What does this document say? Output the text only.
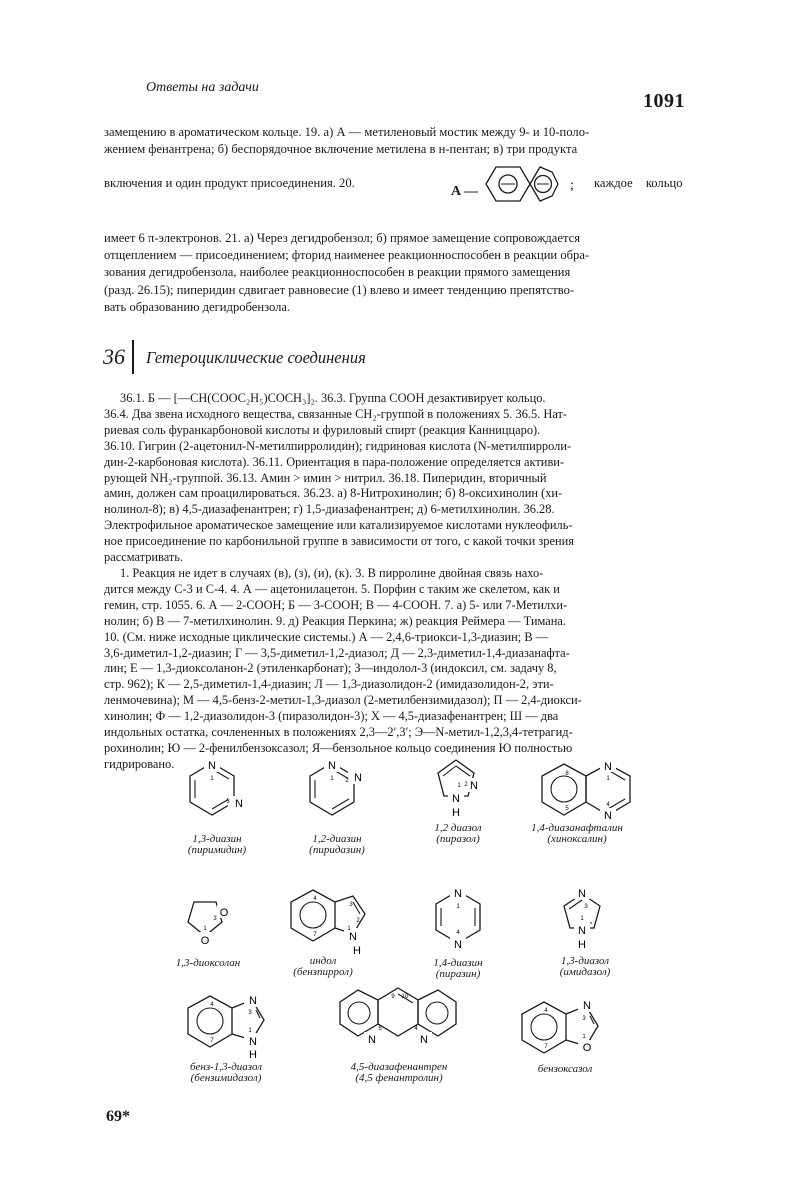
Ответы на задачи
1091
замещению в ароматическом кольце. 19. а) А — метиленовый мостик между 9- и 10-поло-
жением фенантрена; б) беспорядочное включение метилена в н-пентан; в) три продукта
включения и один продукт присоединения. 20.
A —	; каждое кольцо
имеет 6 π-электронов. 21. а) Через дегидробензол; б) прямое замещение сопровождается
отщеплением — присоединением; фторид наименее реакционноспособен в реакции обра-
зования дегидробензола, наиболее реакционноспособен в реакции прямого замещения
(разд. 26.15); пиперидин сдвигает равновесие (1) влево и имеет тенденцию препятство-
вать образованию дегидробензола.
36 Гетероциклические соединения
36.1. Б — [—CH(COOC₂H₅)COCH₃]₂. 36.3. Группа COOH дезактивирует кольцо.
36.4. Два звена исходного вещества, связанные CH₂-группой в положениях 5. 36.5. Нат-
риевая соль фуранкарбоновой кислоты и фуриловый спирт (реакция Канниццаро).
36.10. Гигрин (2-ацетонил-N-метилпирролидин); гидриновая кислота (N-метилпирроли-
дин-2-карбоновая кислота). 36.11. Ориентация в пара-положение определяется активи-
рующей NH₂-группой. 36.13. Амин > имин > нитрил. 36.18. Пиперидин, вторичный
амин, должен сам проацилироваться. 36.23. а) 8-Нитрохинолин; б) 8-оксихинолин (хи-
нолинол-8); в) 4,5-диазафенантрен; г) 1,5-диазафенантрен; д) 6-метилхинолин. 36.28.
Электрофильное ароматическое замещение или катализируемое кислотами нуклеофиль-
ное присоединение по карбонильной группе в зависимости от того, с какой точки зрения
рассматривать.
1. Реакция не идет в случаях (в), (з), (и), (к). 3. В пирролине двойная связь нахо-
дится между C-3 и C-4. 4. А — ацетонилацетон. 5. Порфин с таким же скелетом, как и
гемин, стр. 1055. 6. А — 2-COOH; Б — 3-COOH; В — 4-COOH. 7. а) 5- или 7-Метилхи-
нолин; б) В — 7-метилхинолин. 9. д) Реакция Перкина; ж) реакция Реймера — Тимана.
10. (См. ниже исходные циклические системы.) А — 2,4,6-триокси-1,3-диазин; В —
3,6-диметил-1,2-диазин; Г — 3,5-диметил-1,2-диазол; Д — 2,3-диметил-1,4-диазанафта-
лин; Е — 1,3-диоксоланон-2 (этиленкарбонат); З—индолол-3 (индоксил, см. задачу 8,
стр. 962); К — 2,5-диметил-1,4-диазин; Л — 1,3-диазолидон-2 (имидазолидон-2, эти-
ленмочевина); М — 4,5-бенз-2-метил-1,3-диазол (2-метилбензимидазол); П — 2,4-диокси-
хинолин; Ф — 1,2-диазолидон-3 (пиразолидон-3); Х — 4,5-диазафенантрен; Ш — два
индольных остатка, сочлененных в положениях 2,3—2′,3′; Э—N-метил-1,2,3,4-тетрагид-
рохинолин; Ю — 2-фенилбензоксазол; Я—бензольное кольцо соединения Ю полностью
гидрировано.	N
N
1
3
1,3-диазин
(пиримидин)
N
N
1 2
1,2-диазин
(пиридазин)
N
N
H
1 2
1,2 диазол
(пиразол)
N
N
8
5
1
4
1,4-диазанафталин
(хиноксалин)
O
O
1
3
1,3-диоксолан
N
H
4
7
3
2
1
индол
(бензпиррол)
N
N
1
4
1,4-диазин
(пиразин)
N
N
H
3
1
1,3-диазол
(имидазол)
N
N
H
4
7
3
1
бенз-1,3-диазол
(бензимидазол)
N	N
9 10
5	4
4,5-диазафенантрен
(4,5 фенантролин)
N
O
4
7
3
1
бензоксазол
69*
